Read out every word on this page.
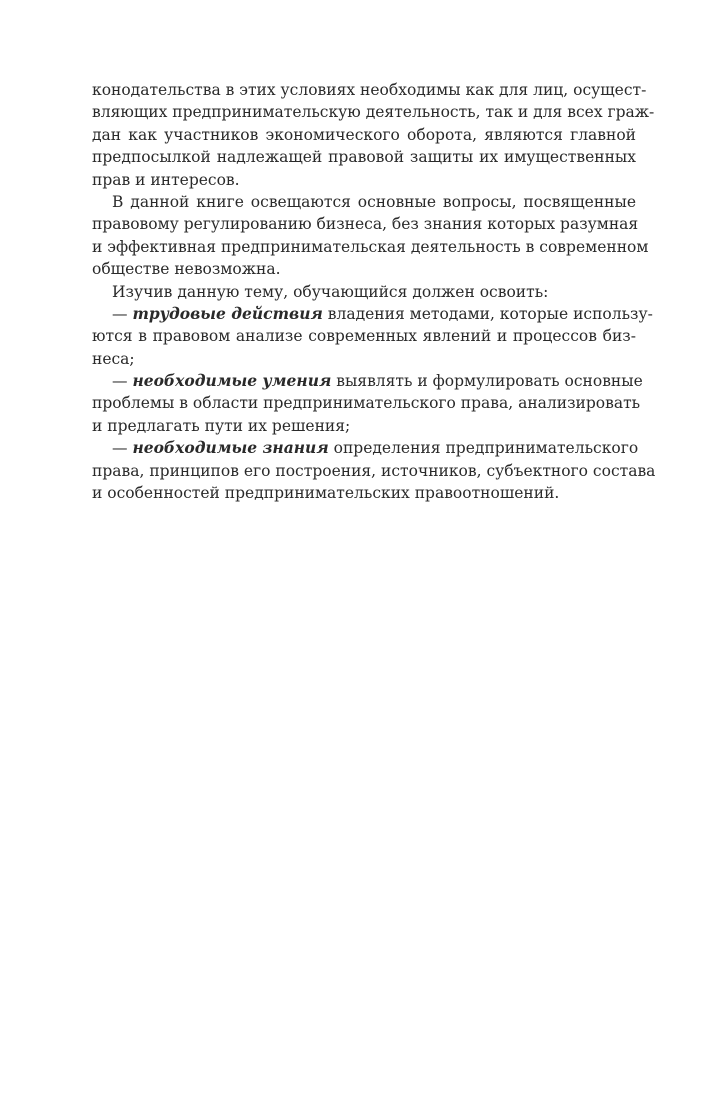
конодательства в этих условиях необходимы как для лиц, осущест-
вляющих предпринимательскую деятельность, так и для всех граж-
дан как участников экономического оборота, являются главной
предпосылкой надлежащей правовой защиты их имущественных
прав и интересов.
В данной книге освещаются основные вопросы, посвященные
правовому регулированию бизнеса, без знания которых разумная
и эффективная предпринимательская деятельность в современном
обществе невозможна.
Изучив данную тему, обучающийся должен освоить:
— трудовые действия владения методами, которые использу-
ются в правовом анализе современных явлений и процессов биз-
неса;
— необходимые умения выявлять и формулировать основные
проблемы в области предпринимательского права, анализировать
и предлагать пути их решения;
— необходимые знания определения предпринимательского
права, принципов его построения, источников, субъектного состава
и особенностей предпринимательских правоотношений.
